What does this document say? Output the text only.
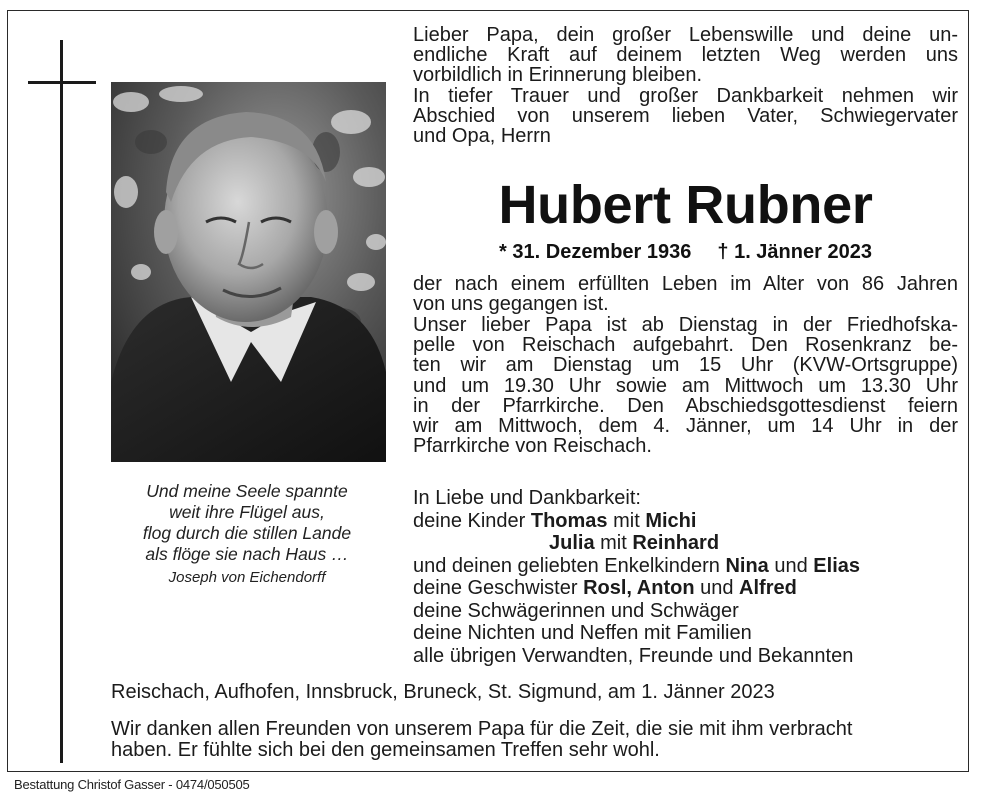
Und meine Seele spannte
weit ihre Flügel aus,
flog durch die stillen Lande
als flöge sie nach Haus …
Joseph von Eichendorff
Lieber Papa, dein großer Lebenswille und deine un-
endliche Kraft auf deinem letzten Weg werden uns
vorbildlich in Erinnerung bleiben.
In tiefer Trauer und großer Dankbarkeit nehmen wir
Abschied von unserem lieben Vater, Schwiegervater
und Opa, Herrn
Hubert Rubner
* 31. Dezember 1936 † 1. Jänner 2023
der nach einem erfüllten Leben im Alter von 86 Jahren
von uns gegangen ist.
Unser lieber Papa ist ab Dienstag in der Friedhofska-
pelle von Reischach aufgebahrt. Den Rosenkranz be-
ten wir am Dienstag um 15 Uhr (KVW-Ortsgruppe)
und um 19.30 Uhr sowie am Mittwoch um 13.30 Uhr
in der Pfarrkirche. Den Abschiedsgottesdienst feiern
wir am Mittwoch, dem 4. Jänner, um 14 Uhr in der
Pfarrkirche von Reischach.
In Liebe und Dankbarkeit:
deine Kinder Thomas mit Michi
Julia mit Reinhard
und deinen geliebten Enkelkindern Nina und Elias
deine Geschwister Rosl, Anton und Alfred
deine Schwägerinnen und Schwäger
deine Nichten und Neffen mit Familien
alle übrigen Verwandten, Freunde und Bekannten
Reischach, Aufhofen, Innsbruck, Bruneck, St. Sigmund, am 1. Jänner 2023
Wir danken allen Freunden von unserem Papa für die Zeit, die sie mit ihm verbracht
haben. Er fühlte sich bei den gemeinsamen Treffen sehr wohl.
Bestattung Christof Gasser - 0474/050505
